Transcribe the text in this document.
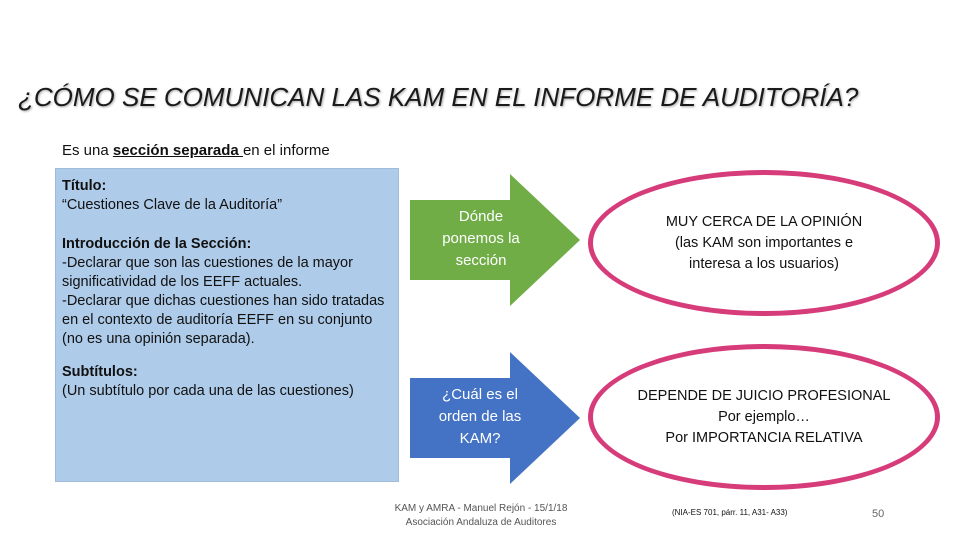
¿CÓMO SE COMUNICAN LAS KAM EN EL INFORME DE AUDITORÍA?
Es una sección separada en el informe
Título:

“Cuestiones Clave de la Auditoría”

Introducción de la Sección:

-Declarar que son las cuestiones de la mayor significatividad de los EEFF actuales.
-Declarar que dichas cuestiones han sido tratadas en el contexto de auditoría EEFF en su conjunto (no es una opinión separada).

Subtítulos:

(Un subtítulo por cada una de las cuestiones)

Dónde ponemos la sección
¿Cuál es el orden de las KAM?
MUY CERCA DE LA OPINIÓN
(las KAM son importantes e interesa a los usuarios)
DEPENDE DE JUICIO PROFESIONAL
Por ejemplo…
Por IMPORTANCIA RELATIVA
KAM y AMRA - Manuel Rejón - 15/1/18
Asociación Andaluza de Auditores
(NIA-ES 701, párr. 11, A31- A33)	50
